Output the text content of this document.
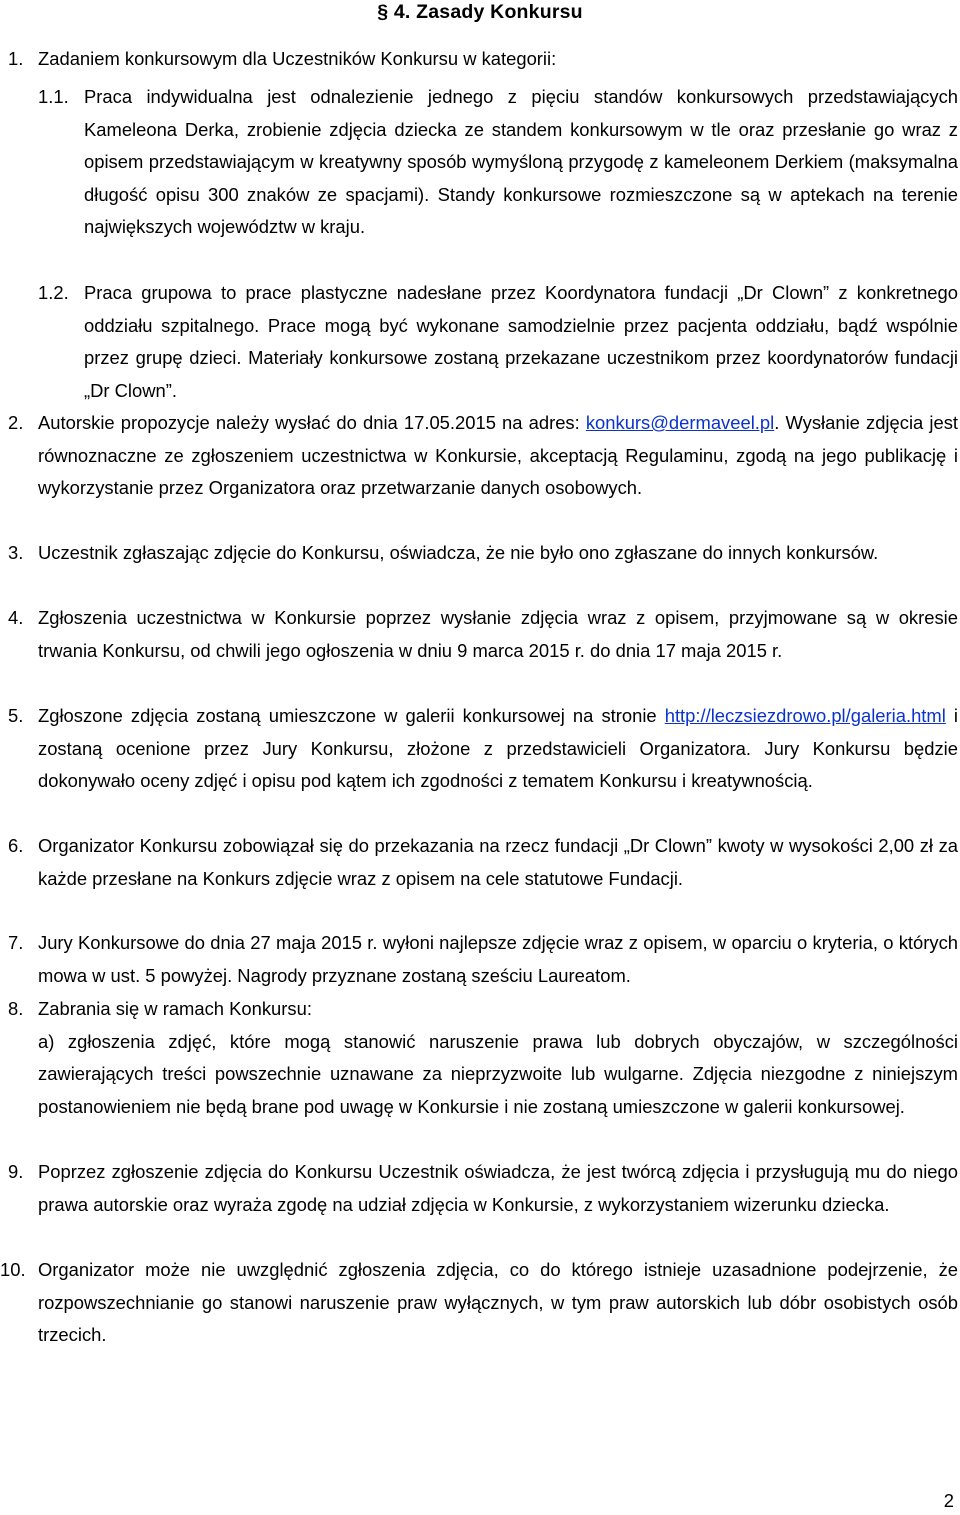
§ 4. Zasady Konkursu
1. Zadaniem konkursowym dla Uczestników Konkursu w kategorii:
1.1. Praca indywidualna jest odnalezienie jednego z pięciu standów konkursowych przedstawiających Kameleona Derka, zrobienie zdjęcia dziecka ze standem konkursowym w tle oraz przesłanie go wraz z opisem przedstawiającym w kreatywny sposób wymyśloną przygodę z kameleonem Derkiem (maksymalna długość opisu 300 znaków ze spacjami). Standy konkursowe rozmieszczone są w aptekach na terenie największych województw w kraju.
1.2. Praca grupowa to prace plastyczne nadesłane przez Koordynatora fundacji „Dr Clown” z konkretnego oddziału szpitalnego. Prace mogą być wykonane samodzielnie przez pacjenta oddziału, bądź wspólnie przez grupę dzieci. Materiały konkursowe zostaną przekazane uczestnikom przez koordynatorów fundacji „Dr Clown”.
2. Autorskie propozycje należy wysłać do dnia 17.05.2015 na adres: konkurs@dermaveel.pl. Wysłanie zdjęcia jest równoznaczne ze zgłoszeniem uczestnictwa w Konkursie, akceptacją Regulaminu, zgodą na jego publikację i wykorzystanie przez Organizatora oraz przetwarzanie danych osobowych.
3. Uczestnik zgłaszając zdjęcie do Konkursu, oświadcza, że nie było ono zgłaszane do innych konkursów.
4. Zgłoszenia uczestnictwa w Konkursie poprzez wysłanie zdjęcia wraz z opisem, przyjmowane są w okresie trwania Konkursu, od chwili jego ogłoszenia w dniu 9 marca 2015 r. do dnia 17 maja 2015 r.
5. Zgłoszone zdjęcia zostaną umieszczone w galerii konkursowej na stronie http://leczsiezdrowo.pl/galeria.html i zostaną ocenione przez Jury Konkursu, złożone z przedstawicieli Organizatora. Jury Konkursu będzie dokonywało oceny zdjęć i opisu pod kątem ich zgodności z tematem Konkursu i kreatywnością.
6. Organizator Konkursu zobowiązał się do przekazania na rzecz fundacji „Dr Clown” kwoty w wysokości 2,00 zł za każde przesłane na Konkurs zdjęcie wraz z opisem na cele statutowe Fundacji.
7. Jury Konkursowe do dnia 27 maja 2015 r. wyłoni najlepsze zdjęcie wraz z opisem, w oparciu o kryteria, o których mowa w ust. 5 powyżej. Nagrody przyznane zostaną sześciu Laureatom.
8. Zabrania się w ramach Konkursu:

a) zgłoszenia zdjęć, które mogą stanowić naruszenie prawa lub dobrych obyczajów, w szczególności zawierających treści powszechnie uznawane za nieprzyzwoite lub wulgarne. Zdjęcia niezgodne z niniejszym postanowieniem nie będą brane pod uwagę w Konkursie i nie zostaną umieszczone w galerii konkursowej.

9. Poprzez zgłoszenie zdjęcia do Konkursu Uczestnik oświadcza, że jest twórcą zdjęcia i przysługują mu do niego prawa autorskie oraz wyraża zgodę na udział zdjęcia w Konkursie, z wykorzystaniem wizerunku dziecka.
10. Organizator może nie uwzględnić zgłoszenia zdjęcia, co do którego istnieje uzasadnione podejrzenie, że rozpowszechnianie go stanowi naruszenie praw wyłącznych, w tym praw autorskich lub dóbr osobistych osób trzecich.
2
